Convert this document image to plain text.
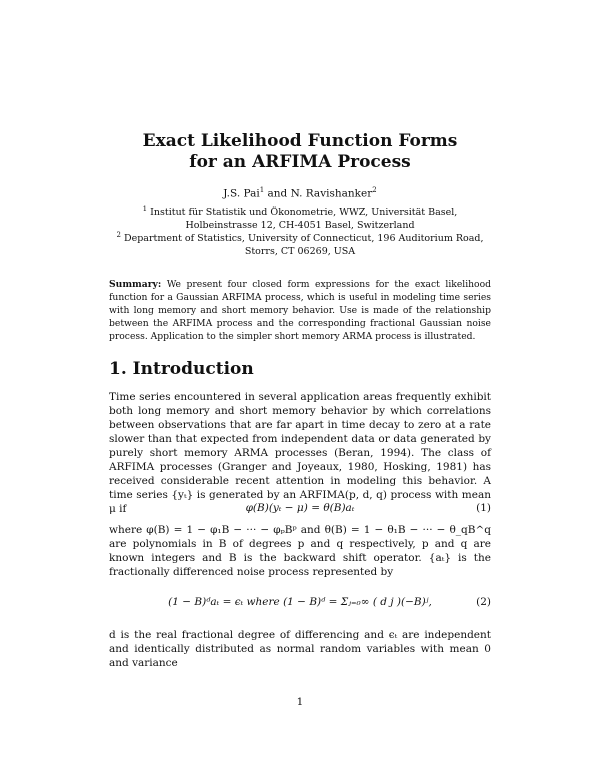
Exact Likelihood Function Forms
for an ARFIMA Process
J.S. Pai$^1$ and N. Ravishanker$^2$
$^1$ Institut für Statistik und Ökonometrie, WWZ, Universität Basel,
Holbeinstrasse 12, CH-4051 Basel, Switzerland
$^2$ Department of Statistics, University of Connecticut, 196 Auditorium Road,
Storrs, CT 06269, USA
Summary: We present four closed form expressions for the exact likelihood function for a Gaussian ARFIMA process, which is useful in modeling time series with long memory and short memory behavior. Use is made of the relationship between the ARFIMA process and the corresponding fractional Gaussian noise process. Application to the simpler short memory ARMA process is illustrated.
1. Introduction
Time series encountered in several application areas frequently exhibit both long memory and short memory behavior by which correlations between observations that are far apart in time decay to zero at a rate slower than that expected from independent data or data generated by purely short memory ARMA processes (Beran, 1994). The class of ARFIMA processes (Granger and Joyeaux, 1980, Hosking, 1981) has received considerable recent attention in modeling this behavior. A time series {yₜ} is generated by an ARFIMA(p, d, q) process with mean μ if	φ(B)(yₜ − μ) = θ(B)aₜ	(1)
where φ(B) = 1 − φ₁B − ··· − φₚBᵖ and θ(B) = 1 − θ₁B − ··· − θ_qB^q are polynomials in B of degrees p and q respectively, p and q are known integers and B is the backward shift operator. {aₜ} is the fractionally differenced noise process represented by
(1 − B)ᵈaₜ = ϵₜ where (1 − B)ᵈ = Σⱼ₌₀∞ ( d j )(−B)ʲ,	(2)
d is the real fractional degree of differencing and ϵₜ are independent and identically distributed as normal random variables with mean 0 and variance
1
